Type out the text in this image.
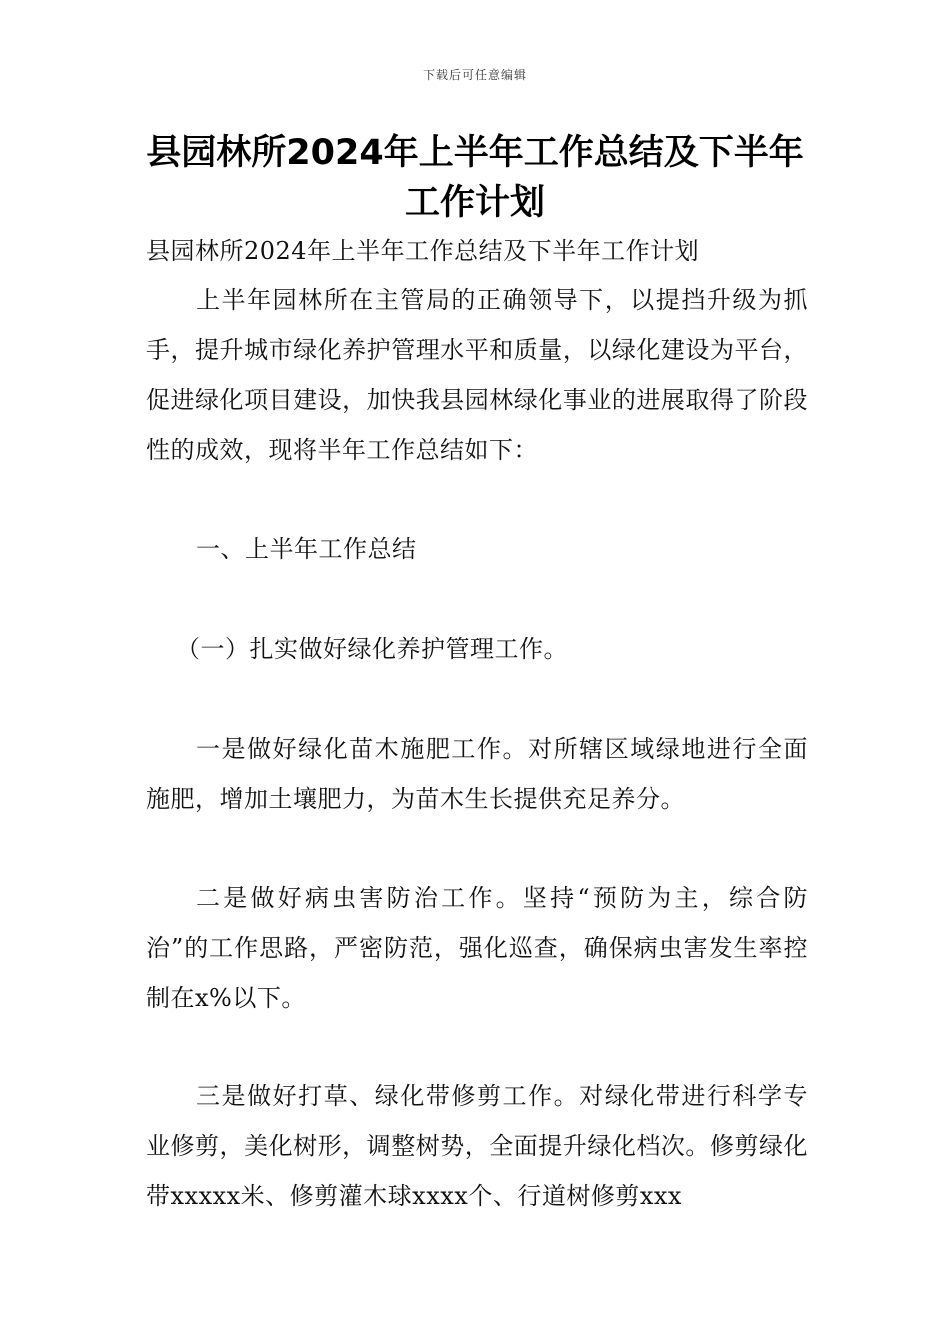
下载后可任意编辑
县园林所2024年上半年工作总结及下半年工作计划

县园林所2024年上半年工作总结及下半年工作计划

上半年园林所在主管局的正确领导下，以提挡升级为抓手，提升城市绿化养护管理水平和质量，以绿化建设为平台，促进绿化项目建设，加快我县园林绿化事业的进展取得了阶段性的成效，现将半年工作总结如下：

一、上半年工作总结

（一）扎实做好绿化养护管理工作。

一是做好绿化苗木施肥工作。对所辖区域绿地进行全面施肥，增加土壤肥力，为苗木生长提供充足养分。

二是做好病虫害防治工作。坚持“预防为主，综合防治”的工作思路，严密防范，强化巡查，确保病虫害发生率控制在x%以下。

三是做好打草、绿化带修剪工作。对绿化带进行科学专业修剪，美化树形，调整树势，全面提升绿化档次。修剪绿化带xxxxx米、修剪灌木球xxxx个、行道树修剪xxx
